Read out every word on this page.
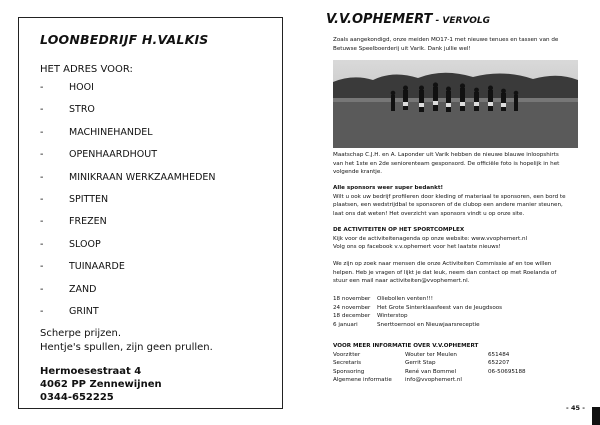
LOONBEDRIJF H.VALKIS
HET ADRES VOOR:
-	HOOI
-	STRO
-	MACHINEHANDEL
-	OPENHAARDHOUT
-	MINIKRAAN WERKZAAMHEDEN
-	SPITTEN
-	FREZEN
-	SLOOP
-	TUINAARDE
-	ZAND
-	GRINT
Scherpe prijzen.
Hentje's spullen, zijn geen prullen.
Hermoesestraat 4
4062 PP Zennewijnen
0344-652225
V.V.OPHEMERT - VERVOLG
Zoals aangekondigd, onze meiden MO17-1 met nieuwe tenues en tassen van de
Betuwse Speelboerderij uit Varik. Dank jullie wel!
Maatschap C.J.H. en A. Laponder uit Varik hebben de nieuwe blauwe inloopshirts
van het 1ste en 2de seniorenteam gesponsord. De officiële foto is hopelijk in het
volgende krantje.
Alle sponsors weer super bedankt!
Wilt u ook uw bedrijf profileren door kleding of materiaal te sponsoren, een bord te
plaatsen, een wedstrijdbal te sponsoren of de clubop een andere manier steunen,
laat ons dat weten! Het overzicht van sponsors vindt u op onze site.
DE ACTIVITEITEN OP HET SPORTCOMPLEX
Kijk voor de activiteitenagenda op onze website: www.vvophemert.nl
Volg ons op facebook v.v.ophemert voor het laatste nieuws!
We zijn op zoek naar mensen die onze Activiteiten Commissie af en toe willen
helpen. Heb je vragen of lijkt je dat leuk, neem dan contact op met Roelanda of
stuur een mail naar activiteiten@vvophemert.nl.
18 november Oliebollen venten!!!
24 november Het Grote Sinterklaasfeest van de Jeugdsoos
18 december Winterstop
6 januari	Snerttoernooi en Nieuwjaarsreceptie
VOOR MEER INFORMATIE OVER V.V.OPHEMERT
Voorzitter	Wouter ter Meulen	651484
Secretaris	Gerrit Stap	652207
Sponsoring	René van Bommel	06-50695188
Algemene informatie info@vvophemert.nl
- 45 -
